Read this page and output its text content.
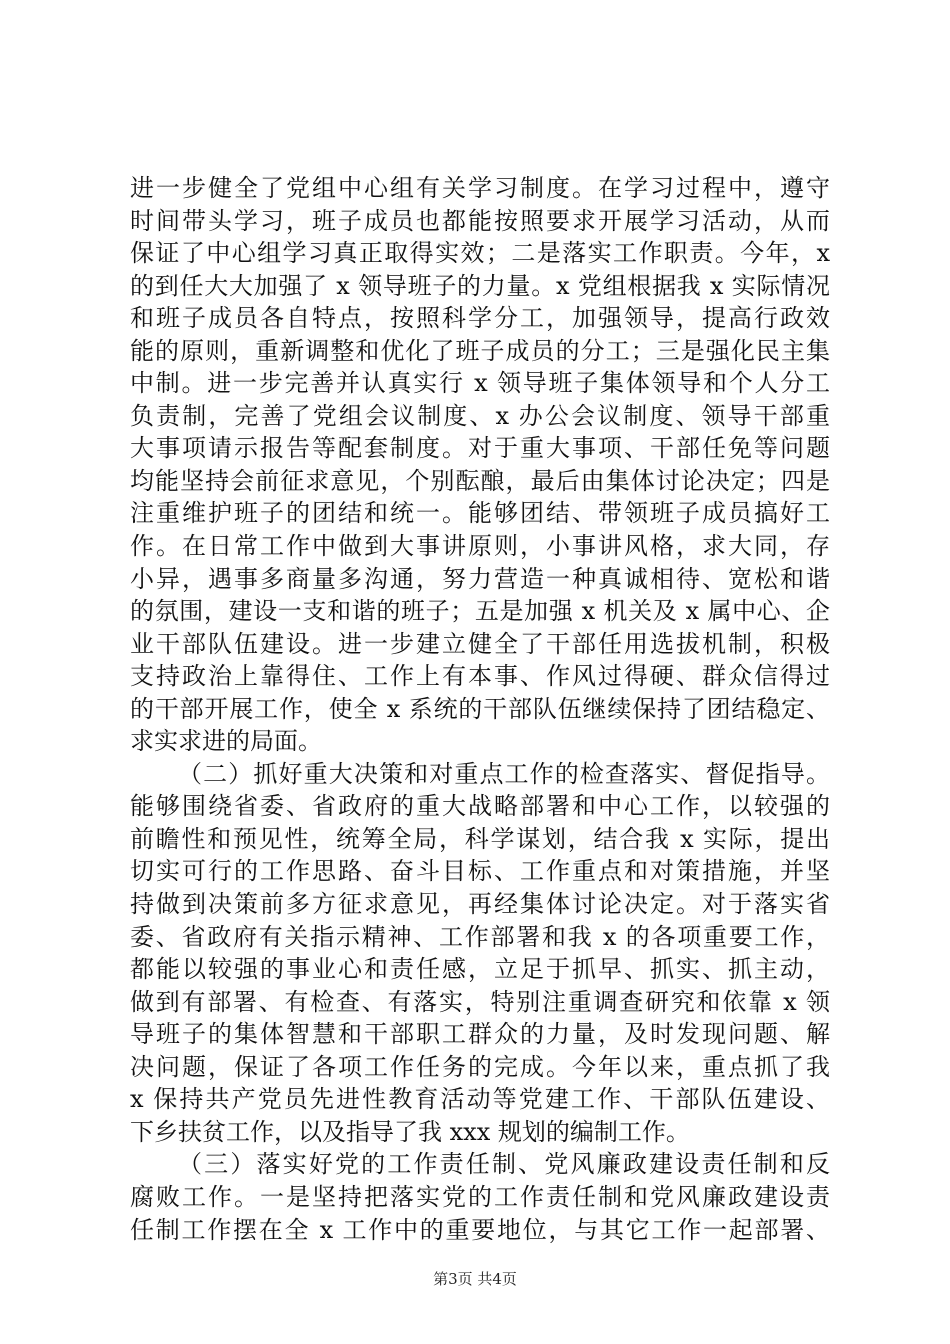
进一步健全了党组中心组有关学习制度。在学习过程中，遵守
时间带头学习，班子成员也都能按照要求开展学习活动，从而
保证了中心组学习真正取得实效；二是落实工作职责。今年，x
的到任大大加强了 x 领导班子的力量。x 党组根据我 x 实际情况
和班子成员各自特点，按照科学分工，加强领导，提高行政效
能的原则，重新调整和优化了班子成员的分工；三是强化民主集
中制。进一步完善并认真实行 x 领导班子集体领导和个人分工
负责制，完善了党组会议制度、x 办公会议制度、领导干部重
大事项请示报告等配套制度。对于重大事项、干部任免等问题
均能坚持会前征求意见，个别酝酿，最后由集体讨论决定；四是
注重维护班子的团结和统一。能够团结、带领班子成员搞好工
作。在日常工作中做到大事讲原则，小事讲风格，求大同，存
小异，遇事多商量多沟通，努力营造一种真诚相待、宽松和谐
的氛围，建设一支和谐的班子；五是加强 x 机关及 x 属中心、企
业干部队伍建设。进一步建立健全了干部任用选拔机制，积极
支持政治上靠得住、工作上有本事、作风过得硬、群众信得过
的干部开展工作，使全 x 系统的干部队伍继续保持了团结稳定、
求实求进的局面。
（二）抓好重大决策和对重点工作的检查落实、督促指导。
能够围绕省委、省政府的重大战略部署和中心工作，以较强的
前瞻性和预见性，统筹全局，科学谋划，结合我 x 实际，提出
切实可行的工作思路、奋斗目标、工作重点和对策措施，并坚
持做到决策前多方征求意见，再经集体讨论决定。对于落实省
委、省政府有关指示精神、工作部署和我 x 的各项重要工作，
都能以较强的事业心和责任感，立足于抓早、抓实、抓主动，
做到有部署、有检查、有落实，特别注重调查研究和依靠 x 领
导班子的集体智慧和干部职工群众的力量，及时发现问题、解
决问题，保证了各项工作任务的完成。今年以来，重点抓了我
x 保持共产党员先进性教育活动等党建工作、干部队伍建设、
下乡扶贫工作，以及指导了我 xxx 规划的编制工作。
（三）落实好党的工作责任制、党风廉政建设责任制和反
腐败工作。一是坚持把落实党的工作责任制和党风廉政建设责
任制工作摆在全 x 工作中的重要地位，与其它工作一起部署、
第3页 共4页
